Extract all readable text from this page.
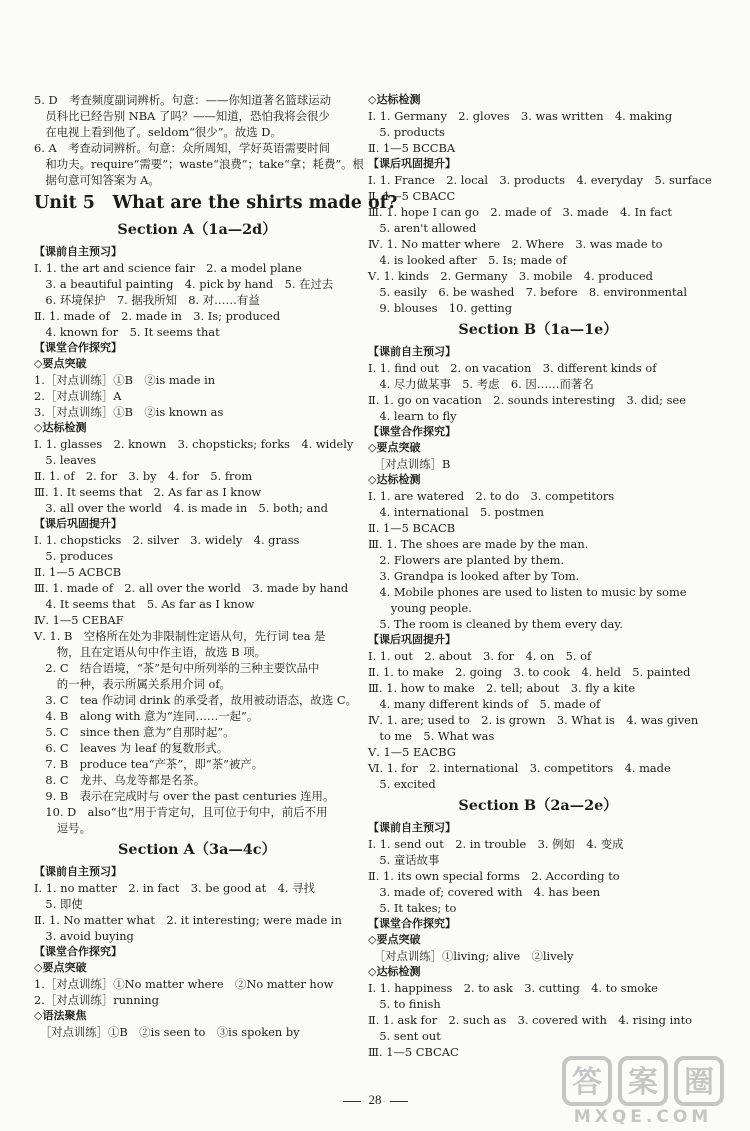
5. D　考查频度副词辨析。句意：——你知道著名篮球运动
　员科比已经告别 NBA 了吗？——知道，恐怕我将会很少
　在电视上看到他了。seldom“很少”。故选 D。
6. A　考查动词辨析。句意：众所周知，学好英语需要时间
　和功夫。require“需要”；waste“浪费”；take“拿；耗费”。根
　据句意可知答案为 A。
Unit 5　What are the shirts made of?
Section A（1a—2d）
【课前自主预习】
Ⅰ. 1. the art and science fair　2. a model plane
　3. a beautiful painting　4. pick by hand　5. 在过去
　6. 环境保护　7. 据我所知　8. 对……有益
Ⅱ. 1. made of　2. made in　3. Is; produced
　4. known for　5. It seems that
【课堂合作探究】
◇要点突破
1.［对点训练］①B　②is made in
2.［对点训练］A
3.［对点训练］①B　②is known as
◇达标检测
Ⅰ. 1. glasses　2. known　3. chopsticks; forks　4. widely
　5. leaves
Ⅱ. 1. of　2. for　3. by　4. for　5. from
Ⅲ. 1. It seems that　2. As far as I know
　3. all over the world　4. is made in　5. both; and
【课后巩固提升】
Ⅰ. 1. chopsticks　2. silver　3. widely　4. grass
　5. produces
Ⅱ. 1—5 ACBCB
Ⅲ. 1. made of　2. all over the world　3. made by hand
　4. It seems that　5. As far as I know
Ⅳ. 1—5 CEBAF
Ⅴ. 1. B　空格所在处为非限制性定语从句，先行词 tea 是
　　物，且在定语从句中作主语，故选 B 项。
　2. C　结合语境，“茶”是句中所列举的三种主要饮品中
　　的一种，表示所属关系用介词 of。
　3. C　tea 作动词 drink 的承受者，故用被动语态，故选 C。
　4. B　along with 意为“连同……一起”。
　5. C　since then 意为“自那时起”。
　6. C　leaves 为 leaf 的复数形式。
　7. B　produce tea“产茶”，即“茶”被产。
　8. C　龙井、乌龙等都是名茶。
　9. B　表示在完成时与 over the past centuries 连用。
　10. D　also“也”用于肯定句，且可位于句中，前后不用
　　逗号。
Section A（3a—4c）
【课前自主预习】
Ⅰ. 1. no matter　2. in fact　3. be good at　4. 寻找
　5. 即使
Ⅱ. 1. No matter what　2. it interesting; were made in
　3. avoid buying
【课堂合作探究】
◇要点突破
1.［对点训练］①No matter where　②No matter how
2.［对点训练］running
◇语法聚焦
　［对点训练］①B　②is seen to　③is spoken by
◇达标检测
Ⅰ. 1. Germany　2. gloves　3. was written　4. making
　5. products
Ⅱ. 1—5 BCCBA
【课后巩固提升】
Ⅰ. 1. France　2. local　3. products　4. everyday　5. surface
Ⅱ. 1—5 CBACC
Ⅲ. 1. hope I can go　2. made of　3. made　4. In fact
　5. aren't allowed
Ⅳ. 1. No matter where　2. Where　3. was made to
　4. is looked after　5. Is; made of
Ⅴ. 1. kinds　2. Germany　3. mobile　4. produced
　5. easily　6. be washed　7. before　8. environmental
　9. blouses　10. getting
Section B（1a—1e）
【课前自主预习】
Ⅰ. 1. find out　2. on vacation　3. different kinds of
　4. 尽力做某事　5. 考虑　6. 因……而著名
Ⅱ. 1. go on vacation　2. sounds interesting　3. did; see
　4. learn to fly
【课堂合作探究】
◇要点突破
　［对点训练］B
◇达标检测
Ⅰ. 1. are watered　2. to do　3. competitors
　4. international　5. postmen
Ⅱ. 1—5 BCACB
Ⅲ. 1. The shoes are made by the man.
　2. Flowers are planted by them.
　3. Grandpa is looked after by Tom.
　4. Mobile phones are used to listen to music by some
　　young people.
　5. The room is cleaned by them every day.
【课后巩固提升】
Ⅰ. 1. out　2. about　3. for　4. on　5. of
Ⅱ. 1. to make　2. going　3. to cook　4. held　5. painted
Ⅲ. 1. how to make　2. tell; about　3. fly a kite
　4. many different kinds of　5. made of
Ⅳ. 1. are; used to　2. is grown　3. What is　4. was given
　to me　5. What was
Ⅴ. 1—5 EACBG
Ⅵ. 1. for　2. international　3. competitors　4. made
　5. excited
Section B（2a—2e）
【课前自主预习】
Ⅰ. 1. send out　2. in trouble　3. 例如　4. 变成
　5. 童话故事
Ⅱ. 1. its own special forms　2. According to
　3. made of; covered with　4. has been
　5. It takes; to
【课堂合作探究】
◇要点突破
　［对点训练］①living; alive　②lively
◇达标检测
Ⅰ. 1. happiness　2. to ask　3. cutting　4. to smoke
　5. to finish
Ⅱ. 1. ask for　2. such as　3. covered with　4. rising into
　5. sent out
Ⅲ. 1—5 CBCAC
28	答 案 圈
MXQE.COM
